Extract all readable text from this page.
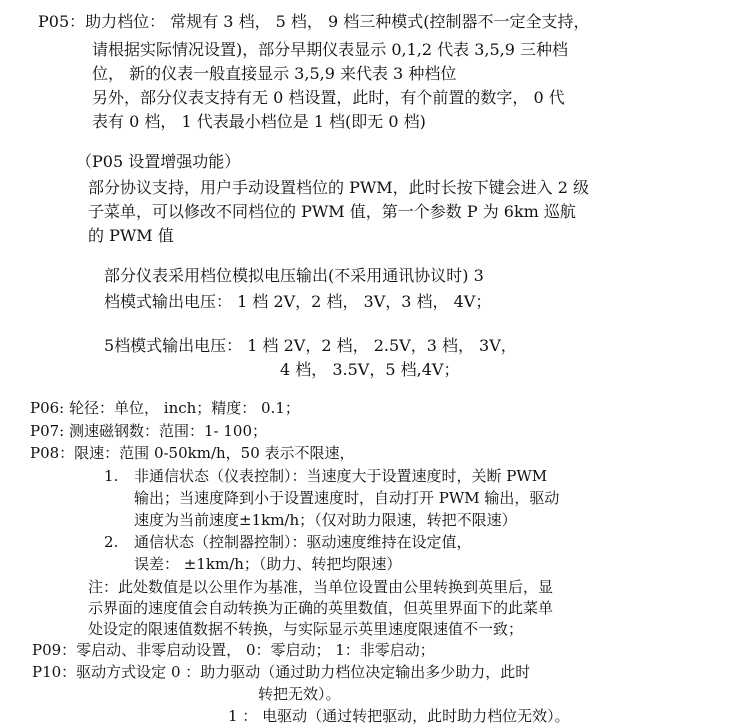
P05：助力档位： 常规有 3 档， 5 档， 9 档三种模式(控制器不一定全支持，
请根据实际情况设置)，部分早期仪表显示 0,1,2 代表 3,5,9 三种档
位， 新的仪表一般直接显示 3,5,9 来代表 3 种档位
另外，部分仪表支持有无 0 档设置，此时，有个前置的数字， 0 代
表有 0 档， 1 代表最小档位是 1 档(即无 0 档)
（P05 设置增强功能）
部分协议支持，用户手动设置档位的 PWM，此时长按下键会进入 2 级
子菜单，可以修改不同档位的 PWM 值，第一个参数 P 为 6km 巡航
的 PWM 值
部分仪表采用档位模拟电压输出(不采用通讯协议时) 3
档模式输出电压： 1 档 2V，2 档， 3V，3 档， 4V；
5档模式输出电压： 1 档 2V，2 档， 2.5V，3 档， 3V，
4 档， 3.5V，5 档,4V；
P06: 轮径：单位， inch；精度： 0.1；
P07: 测速磁钢数：范围：1- 100；
P08：限速：范围 0-50km/h，50 表示不限速，
1. 非通信状态（仪表控制）：当速度大于设置速度时，关断 PWM
输出；当速度降到小于设置速度时，自动打开 PWM 输出，驱动
速度为当前速度±1km/h；（仅对助力限速，转把不限速）
2. 通信状态（控制器控制）：驱动速度维持在设定值，
误差： ±1km/h；（助力、转把均限速）
注：此处数值是以公里作为基准，当单位设置由公里转换到英里后，显
示界面的速度值会自动转换为正确的英里数值，但英里界面下的此菜单
处设定的限速值数据不转换，与实际显示英里速度限速值不一致；
P09：零启动、非零启动设置， 0：零启动； 1：非零启动；
P10：驱动方式设定 0 ：助力驱动（通过助力档位决定输出多少助力，此时
转把无效）。
1 ： 电驱动（通过转把驱动，此时助力档位无效）。
